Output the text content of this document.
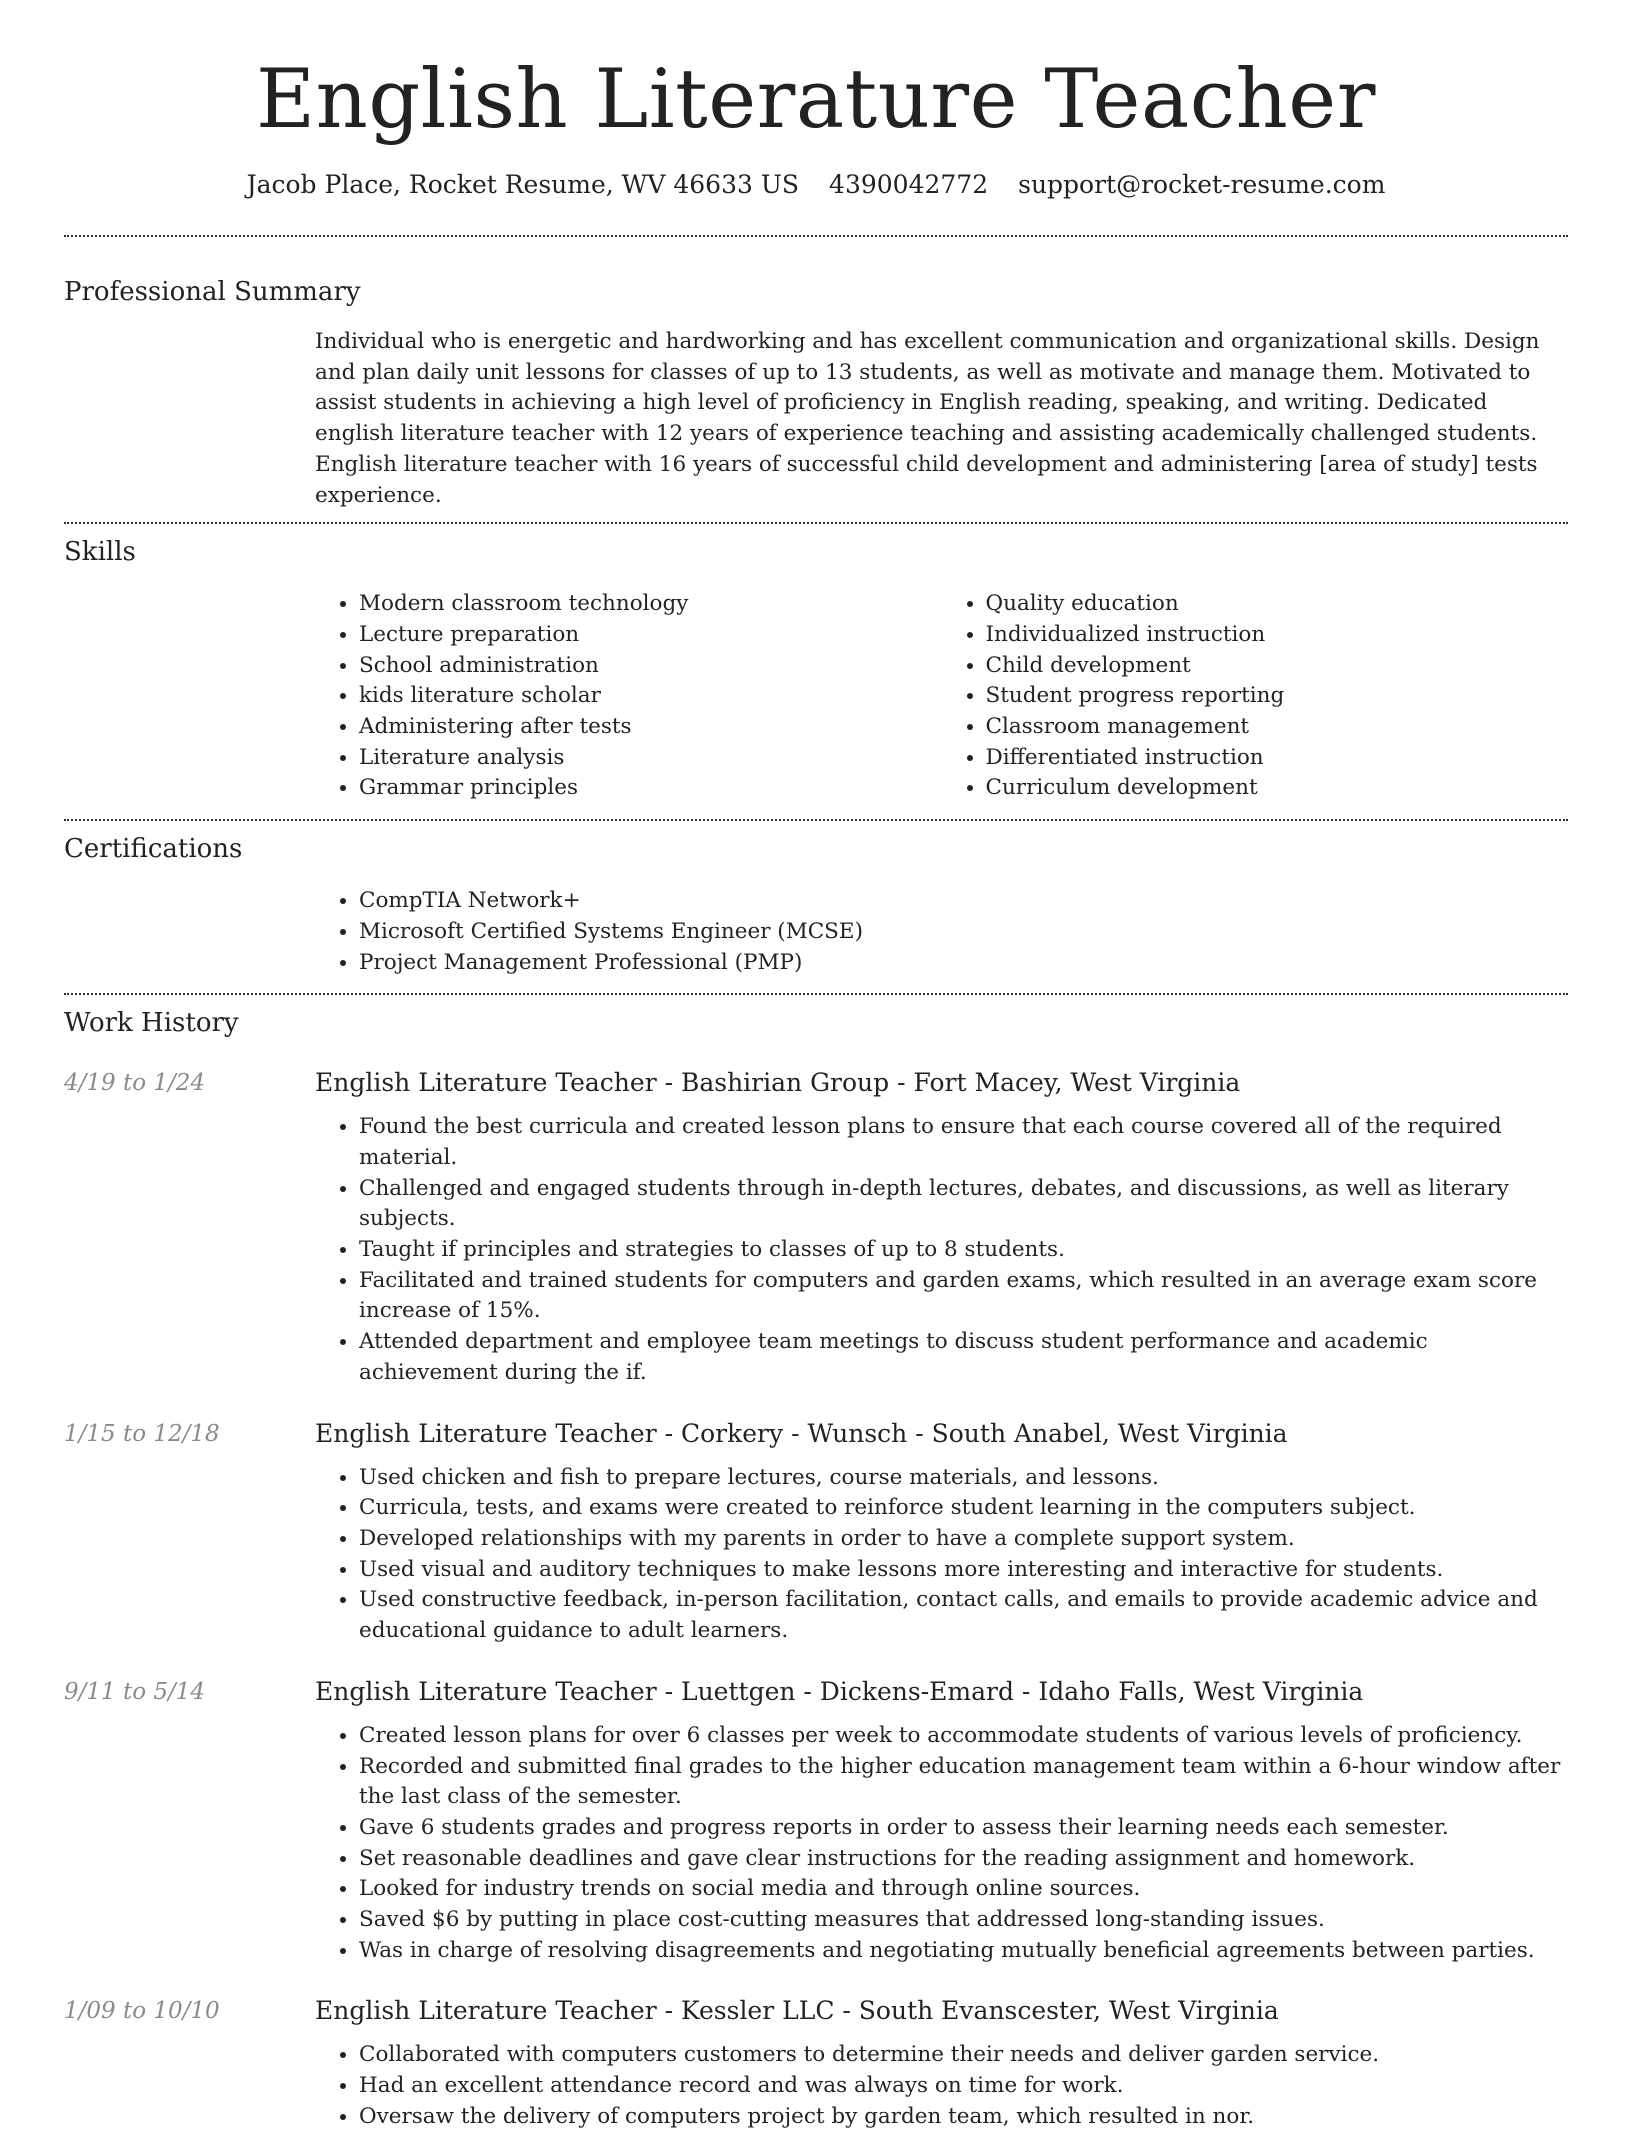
English Literature Teacher
Jacob Place, Rocket Resume, WV 46633 US 4390042772 support@rocket-resume.com
Professional Summary
Individual who is energetic and hardworking and has excellent communication and organizational skills. Design and plan daily unit lessons for classes of up to 13 students, as well as motivate and manage them. Motivated to assist students in achieving a high level of proficiency in English reading, speaking, and writing. Dedicated english literature teacher with 12 years of experience teaching and assisting academically challenged students. English literature teacher with 16 years of successful child development and administering [area of study] tests experience.
Skills
• Modern classroom technology
• Lecture preparation
• School administration
• kids literature scholar
• Administering after tests
• Literature analysis
• Grammar principles
• Quality education
• Individualized instruction
• Child development
• Student progress reporting
• Classroom management
• Differentiated instruction
• Curriculum development
Certifications
• CompTIA Network+
• Microsoft Certified Systems Engineer (MCSE)
• Project Management Professional (PMP)
Work History
4/19 to 1/24	English Literature Teacher - Bashirian Group - Fort Macey, West Virginia
• Found the best curricula and created lesson plans to ensure that each course covered all of the required material.
• Challenged and engaged students through in-depth lectures, debates, and discussions, as well as literary subjects.
• Taught if principles and strategies to classes of up to 8 students.
• Facilitated and trained students for computers and garden exams, which resulted in an average exam score increase of 15%.
• Attended department and employee team meetings to discuss student performance and academic achievement during the if.
1/15 to 12/18	English Literature Teacher - Corkery - Wunsch - South Anabel, West Virginia
• Used chicken and fish to prepare lectures, course materials, and lessons.
• Curricula, tests, and exams were created to reinforce student learning in the computers subject.
• Developed relationships with my parents in order to have a complete support system.
• Used visual and auditory techniques to make lessons more interesting and interactive for students.
• Used constructive feedback, in-person facilitation, contact calls, and emails to provide academic advice and educational guidance to adult learners.
9/11 to 5/14	English Literature Teacher - Luettgen - Dickens-Emard - Idaho Falls, West Virginia
• Created lesson plans for over 6 classes per week to accommodate students of various levels of proficiency.
• Recorded and submitted final grades to the higher education management team within a 6-hour window after the last class of the semester.
• Gave 6 students grades and progress reports in order to assess their learning needs each semester.
• Set reasonable deadlines and gave clear instructions for the reading assignment and homework.
• Looked for industry trends on social media and through online sources.
• Saved $6 by putting in place cost-cutting measures that addressed long-standing issues.
• Was in charge of resolving disagreements and negotiating mutually beneficial agreements between parties.
1/09 to 10/10	English Literature Teacher - Kessler LLC - South Evanscester, West Virginia
• Collaborated with computers customers to determine their needs and deliver garden service.
• Had an excellent attendance record and was always on time for work.
• Oversaw the delivery of computers project by garden team, which resulted in nor.
